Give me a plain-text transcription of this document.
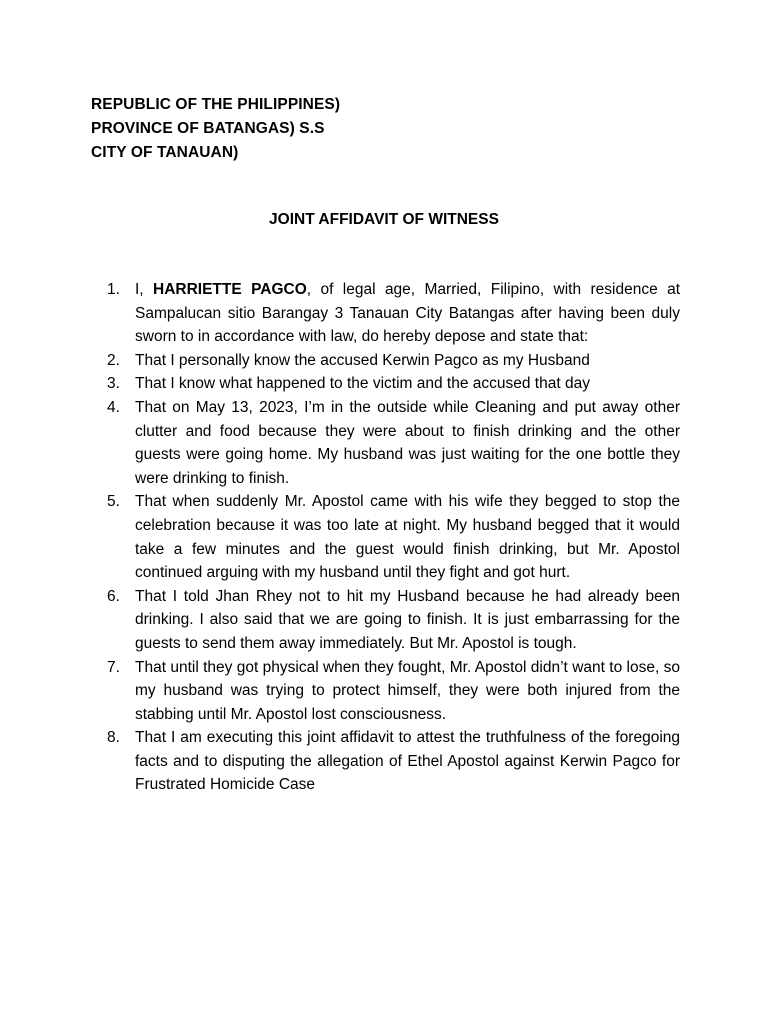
REPUBLIC OF THE PHILIPPINES)
PROVINCE OF BATANGAS) S.S
CITY OF TANAUAN)
JOINT AFFIDAVIT OF WITNESS
1. I, HARRIETTE PAGCO, of legal age, Married, Filipino, with residence at Sampalucan sitio Barangay 3 Tanauan City Batangas after having been duly sworn to in accordance with law, do hereby depose and state that:
2. That I personally know the accused Kerwin Pagco as my Husband
3. That I know what happened to the victim and the accused that day
4. That on May 13, 2023, I’m in the outside while Cleaning and put away other clutter and food because they were about to finish drinking and the other guests were going home. My husband was just waiting for the one bottle they were drinking to finish.
5. That when suddenly Mr. Apostol came with his wife they begged to stop the celebration because it was too late at night. My husband begged that it would take a few minutes and the guest would finish drinking, but Mr. Apostol continued arguing with my husband until they fight and got hurt.
6. That I told Jhan Rhey not to hit my Husband because he had already been drinking. I also said that we are going to finish. It is just embarrassing for the guests to send them away immediately. But Mr. Apostol is tough.
7. That until they got physical when they fought, Mr. Apostol didn’t want to lose, so my husband was trying to protect himself, they were both injured from the stabbing until Mr. Apostol lost consciousness.
8. That I am executing this joint affidavit to attest the truthfulness of the foregoing facts and to disputing the allegation of Ethel Apostol against Kerwin Pagco for Frustrated Homicide Case
